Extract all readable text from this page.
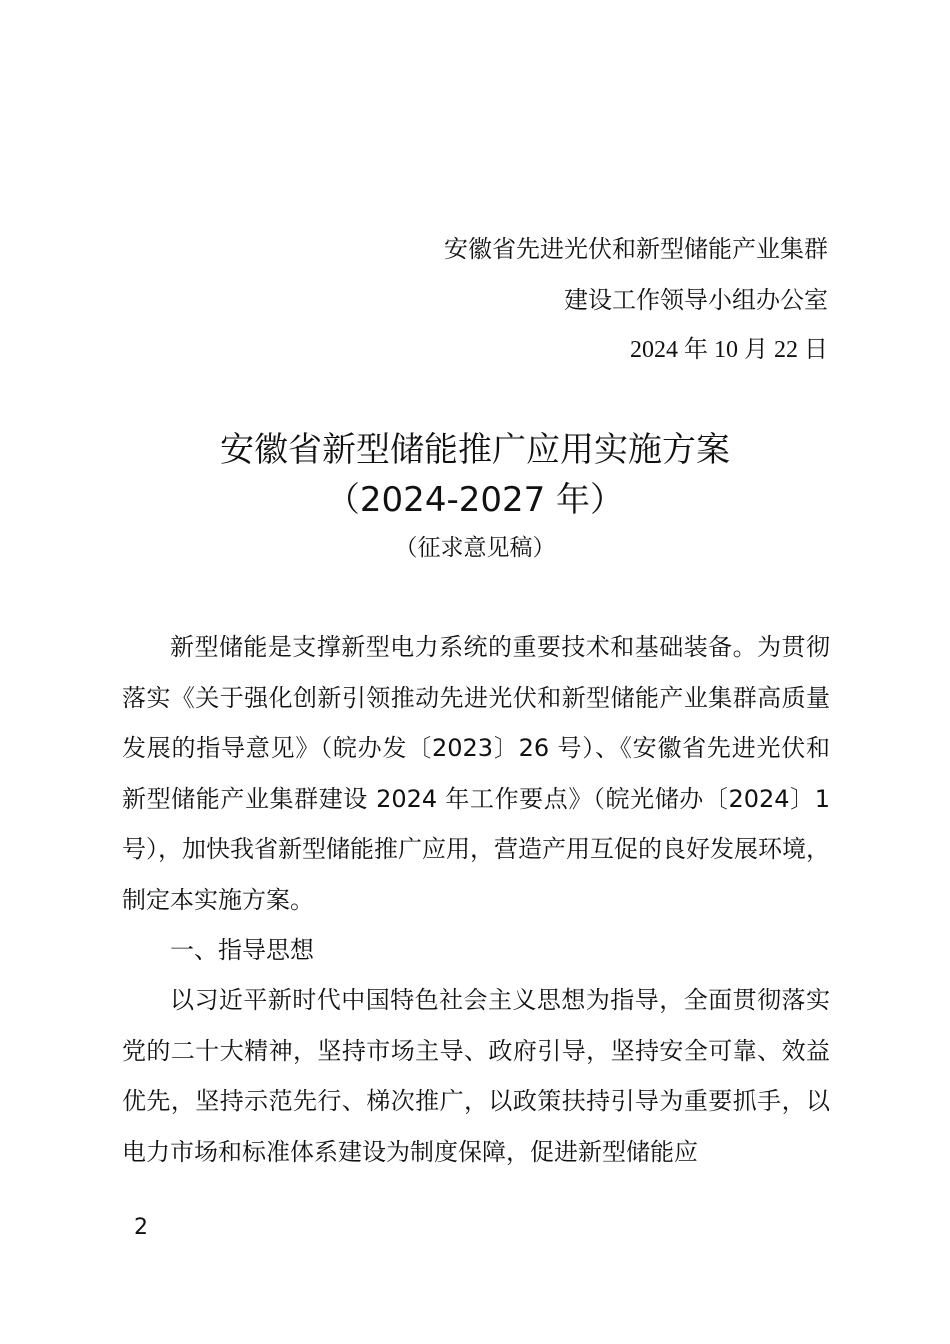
安徽省先进光伏和新型储能产业集群
建设工作领导小组办公室
2024 年 10 月 22 日
安徽省新型储能推广应用实施方案
（2024-2027 年）
（征求意见稿）

新型储能是支撑新型电力系统的重要技术和基础装备。为贯彻落实《关于强化创新引领推动先进光伏和新型储能产业集群高质量发展的指导意见》（皖办发〔2023〕26 号）、《安徽省先进光伏和新型储能产业集群建设 2024 年工作要点》（皖光储办〔2024〕1 号），加快我省新型储能推广应用，营造产用互促的良好发展环境，制定本实施方案。

一、指导思想

以习近平新时代中国特色社会主义思想为指导，全面贯彻落实党的二十大精神，坚持市场主导、政府引导，坚持安全可靠、效益优先，坚持示范先行、梯次推广，以政策扶持引导为重要抓手，以电力市场和标准体系建设为制度保障，促进新型储能应

2
